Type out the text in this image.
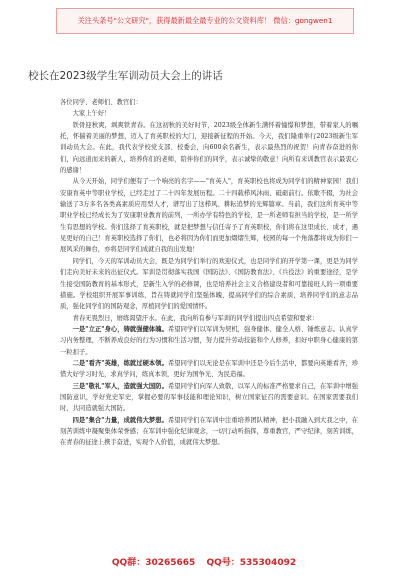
关注头条号"公文研究"，获得最新最全最专业的公文资料库！ 微信：gongwen1
校长在2023级学生军训动员大会上的讲话

各位同学、老师们、教官们：

大家上午好！

铁骨迎秋爽，飒爽铁青春。在这初秋的美好时节，2023级全体新生满怀着憧憬和梦想，带着家人的嘱托，怀揣着美丽的梦想，迈入了育英职校的大门，迎接新征程的开始。今天，我们隆重举行2023级新生军训动员大会。在此，我代表学校党支部、校委会，向600余名新生，表示最热烈的祝贺！向青春奋进的你们，向远道而来的新人，培养你们的老师，陪伴你们的同学，表示诚挚的敬意！向所有来训教官表示最衷心的感谢！

从今天开始，同学们便有了一个响亮的名字——"育英人"，育英职校也将成为同学们的精神家园！我们安康育英中等职业学校，已经走过了二十四年发展历程。二十四载栉风沐雨、砥砺前行。依歌不辍，为社会输送了3万多名各类高素质应用型人才，谱写出了这栉风、耕耘追梦的光辉篇章。当前，我们这所育英中等职业学校已经成长为了安康职业教育的前列，一所办学有特色的学校，是一所老师有担当的学校，是一所学生有思想的学校。你们选择了育英职校，就是把梦想与信任寄予了育英职校，你们将在这里成长、成才，遇见更好的自己！育英职校选择了你们，也必将因为你们而更加熠熠生辉，校园的每一个角落都将成为你们一展风采的舞台，亦将是同学们成就自我的出发地！

同学们，今天的军训动员大会，既是为同学们举行的欢迎仪式，也是同学们的开学第一课，更是为同学们走向美好未来的出征仪式。军训是贯彻落实我国《国防法》、《国防教育法》、《兵役法》的重要途径，是学生接受国防教育的基本形式，是新生入学的必修课，也是培养社会主义合格建设者和可靠接班人的一项重要措施。学校组织开展军事训练，旨在铸就同学们坚强体魄、提高同学们的综合素质，培养同学们的意志品质，强化同学们的国防观念，厚植同学们的爱国情怀。

青春无畏烈日，磨练渴望汗水。在此，我向所有参与军训的同学们提出四点希望和要求：

一是"立正"身心，铸就强健体魄。希望同学们以军训为契机，强身健体、健全人格、锤炼意志。认真学习内务整理，不断养成良好的行为习惯和生活习惯，努力提升劳动技能和个人修养，扣好中职身心健康的第一粒扣子。

二是"看齐"英雄，练就过硬本领。希望同学们以无论是在军训中还是今后生活中，都要向英雄看齐，珍惜大好学习时光，求真学问，练真本领，更好为国争光、为民造福。

三是"敬礼"军人，造就强大国防。希望同学们向军人致敬，以军人的标准严格要求自己，在军训中增强国防意识，学好党史军史，掌握必要的军事技能和理论知识，树立国家征召的需要意识。在国家需要我们时，共同造就强大国防。

四是"集合"力量，成就伟大梦想。希望同学们在军训中注重培养团队精神，把小我融入到大我之中，在刻苦训练中凝聚集体荣誉感；在军训中强化纪律观念，一切行动听指挥，尊重教官，严守纪律，刻苦训练，在青春的征途上携手奋进，实现个人价值，成就伟大梦想。

QQ群：30265665 QQ号：535304092
